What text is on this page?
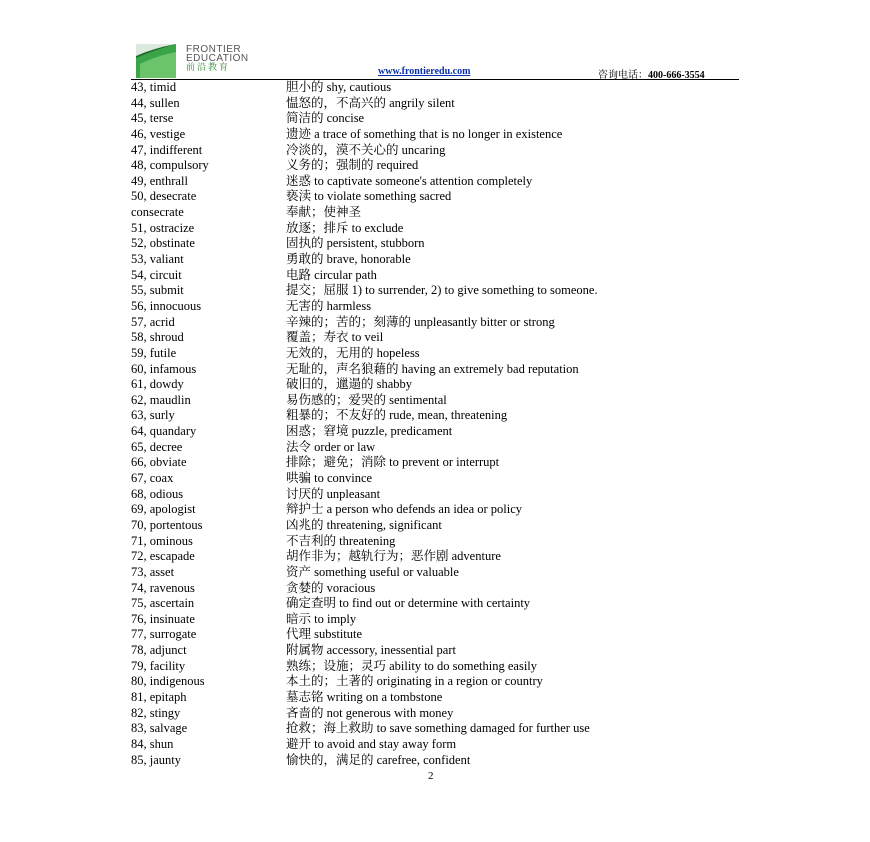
FRONTIER
EDUCATION
前沿教育	www.frontieredu.com	咨询电话：400-666-3554
43, timid	胆小的 shy, cautious
44, sullen	愠怒的，不高兴的 angrily silent
45, terse	简洁的 concise
46, vestige	遗迹 a trace of something that is no longer in existence
47, indifferent	冷淡的，漠不关心的 uncaring
48, compulsory	义务的；强制的 required
49, enthrall	迷惑 to captivate someone's attention completely
50, desecrate	亵渎 to violate something sacred
consecrate	奉献；使神圣
51, ostracize	放逐；排斥 to exclude
52, obstinate	固执的 persistent, stubborn
53, valiant	勇敢的 brave, honorable
54, circuit	电路 circular path
55, submit	提交；屈服 1) to surrender, 2) to give something to someone.
56, innocuous	无害的 harmless
57, acrid	辛辣的；苦的；刻薄的 unpleasantly bitter or strong
58, shroud	覆盖；寿衣 to veil
59, futile	无效的，无用的 hopeless
60, infamous	无耻的，声名狼藉的 having an extremely bad reputation
61, dowdy	破旧的，邋遢的 shabby
62, maudlin	易伤感的；爱哭的 sentimental
63, surly	粗暴的；不友好的 rude, mean, threatening
64, quandary	困惑；窘境 puzzle, predicament
65, decree	法令 order or law
66, obviate	排除；避免；消除 to prevent or interrupt
67, coax	哄骗 to convince
68, odious	讨厌的 unpleasant
69, apologist	辩护士 a person who defends an idea or policy
70, portentous	凶兆的 threatening, significant
71, ominous	不吉利的 threatening
72, escapade	胡作非为；越轨行为；恶作剧 adventure
73, asset	资产 something useful or valuable
74, ravenous	贪婪的 voracious
75, ascertain	确定查明 to find out or determine with certainty
76, insinuate	暗示 to imply
77, surrogate	代理 substitute
78, adjunct	附属物 accessory, inessential part
79, facility	熟练；设施；灵巧 ability to do something easily
80, indigenous	本土的；土著的 originating in a region or country
81, epitaph	墓志铭 writing on a tombstone
82, stingy	吝啬的 not generous with money
83, salvage	抢救；海上救助 to save something damaged for further use
84, shun	避开 to avoid and stay away form
85, jaunty	愉快的，满足的 carefree, confident
2
